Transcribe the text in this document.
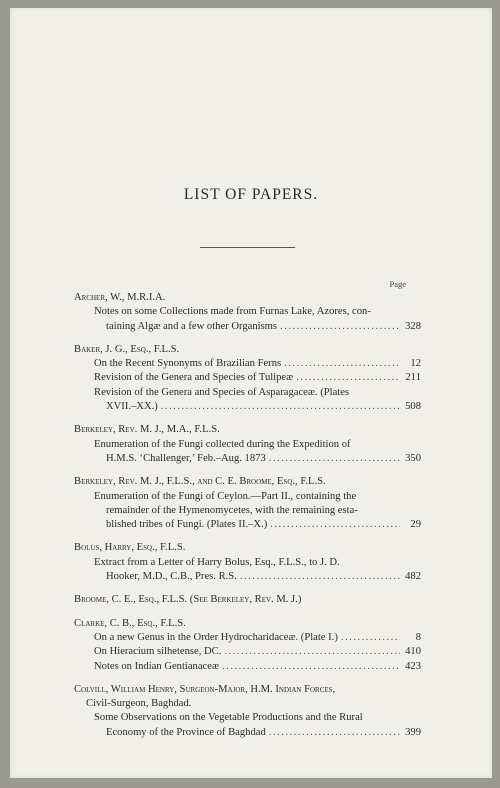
LIST OF PAPERS.
Page
Archer, W., M.R.I.A.
Notes on some Collections made from Furnas Lake, Azores, con-
taining Algæ and a few other Organisms .....	328
Baker, J. G., Esq., F.L.S.
On the Recent Synonyms of Brazilian Ferns .....	12
Revision of the Genera and Species of Tulipeæ .....	211
Revision of the Genera and Species of Asparagaceæ. (Plates
XVII.–XX.) .....	508
Berkeley, Rev. M. J., M.A., F.L.S.
Enumeration of the Fungi collected during the Expedition of
H.M.S. ‘Challenger,’ Feb.–Aug. 1873 .....	350
Berkeley, Rev. M. J., F.L.S., and C. E. Broome, Esq., F.L.S.
Enumeration of the Fungi of Ceylon.—Part II., containing the
remainder of the Hymenomycetes, with the remaining esta-
blished tribes of Fungi. (Plates II.–X.) .....	29
Bolus, Harry, Esq., F.L.S.
Extract from a Letter of Harry Bolus, Esq., F.L.S., to J. D.
Hooker, M.D., C.B., Pres. R.S. .....	482
Broome, C. E., Esq., F.L.S. (See Berkeley, Rev. M. J.)
Clarke, C. B., Esq., F.L.S.
On a new Genus in the Order Hydrocharidaceæ. (Plate I.) .....	8
On Hieracium silhetense, DC. .....	410
Notes on Indian Gentianaceæ .....	423
Colvill, William Henry, Surgeon-Major, H.M. Indian Forces,
Civil-Surgeon, Baghdad.
Some Observations on the Vegetable Productions and the Rural
Economy of the Province of Baghdad .....	399
